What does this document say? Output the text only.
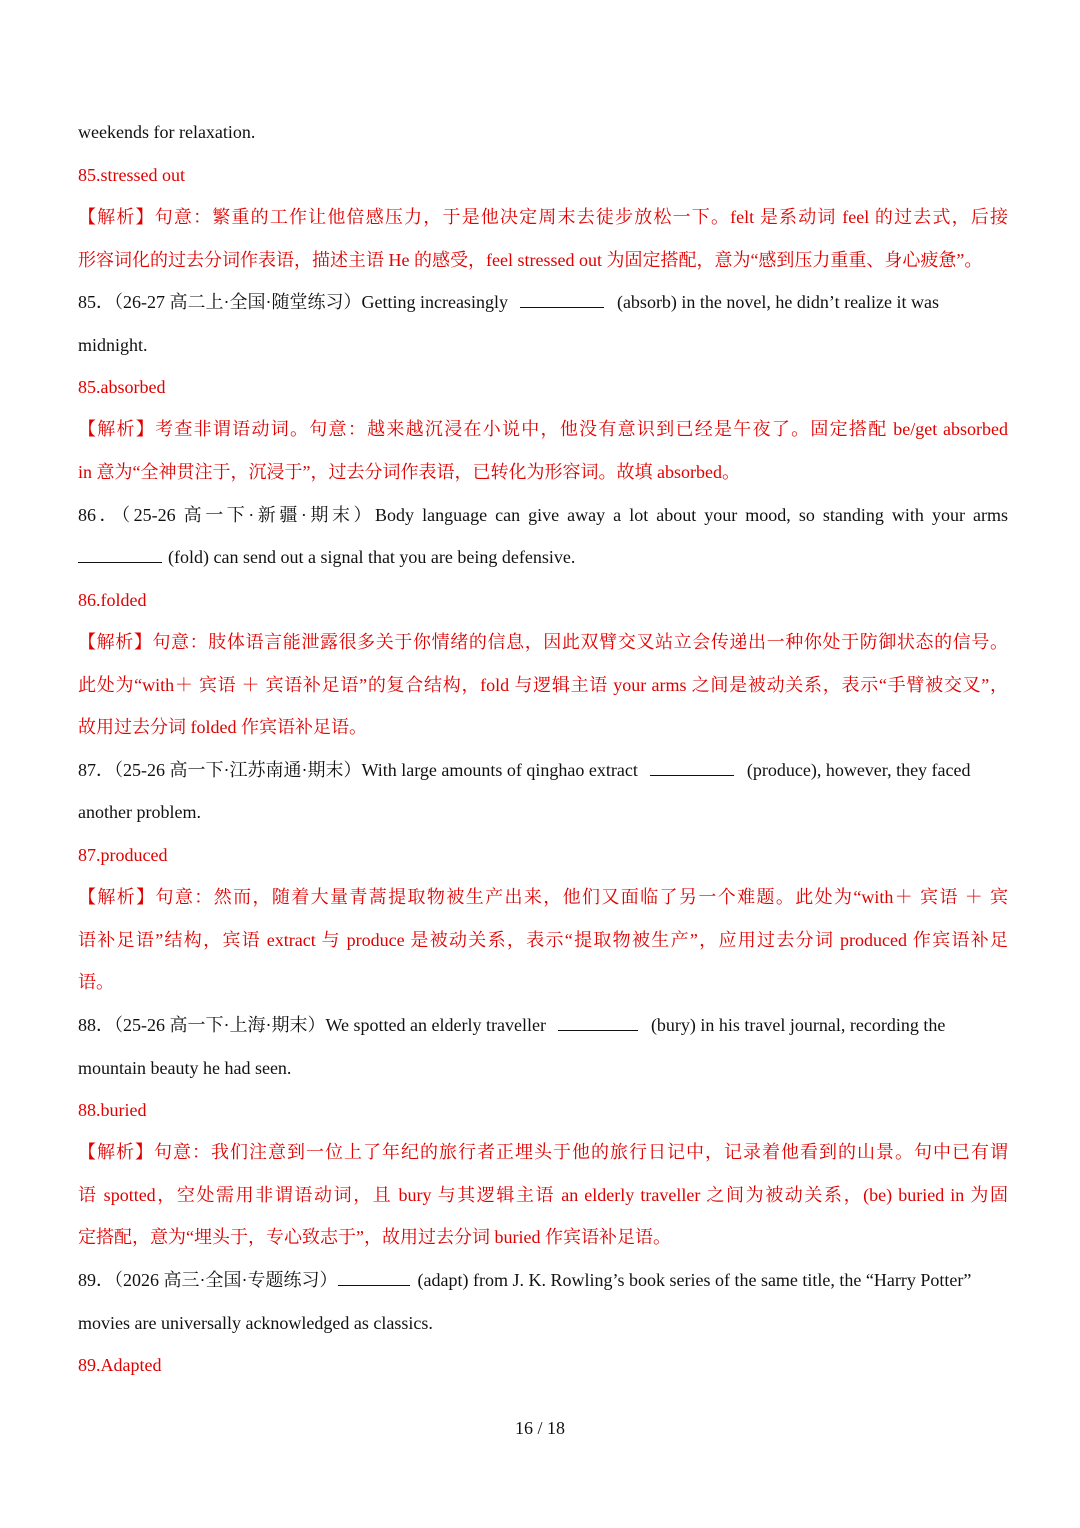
weekends for relaxation.
85.stressed out
【解析】句意：繁重的工作让他倍感压力，于是他决定周末去徒步放松一下。felt 是系动词 feel 的过去式，后接
形容词化的过去分词作表语，描述主语 He 的感受，feel stressed out 为固定搭配，意为“感到压力重重、身心疲惫”。
85．（26-27 高二上·全国·随堂练习）Getting increasingly	(absorb) in the novel, he didn’t realize it was
midnight.
85.absorbed
【解析】考查非谓语动词。句意：越来越沉浸在小说中，他没有意识到已经是午夜了。固定搭配 be/get absorbed
in 意为“全神贯注于，沉浸于”，过去分词作表语，已转化为形容词。故填 absorbed。
86．（25-26 高一下·新疆·期末）Body language can give away a lot about your mood, so standing with your arms
(fold) can send out a signal that you are being defensive.
86.folded
【解析】句意：肢体语言能泄露很多关于你情绪的信息，因此双臂交叉站立会传递出一种你处于防御状态的信号。
此处为“with＋ 宾语 ＋ 宾语补足语”的复合结构，fold 与逻辑主语 your arms 之间是被动关系，表示“手臂被交叉”，
故用过去分词 folded 作宾语补足语。
87．（25-26 高一下·江苏南通·期末）With large amounts of qinghao extract	(produce), however, they faced
another problem.
87.produced
【解析】句意：然而，随着大量青蒿提取物被生产出来，他们又面临了另一个难题。此处为“with＋ 宾语 ＋ 宾
语补足语”结构，宾语 extract 与 produce 是被动关系，表示“提取物被生产”，应用过去分词 produced 作宾语补足
语。
88．（25-26 高一下·上海·期末）We spotted an elderly traveller	(bury) in his travel journal, recording the
mountain beauty he had seen.
88.buried
【解析】句意：我们注意到一位上了年纪的旅行者正埋头于他的旅行日记中，记录着他看到的山景。句中已有谓
语 spotted，空处需用非谓语动词，且 bury 与其逻辑主语 an elderly traveller 之间为被动关系，(be) buried in 为固
定搭配，意为“埋头于，专心致志于”，故用过去分词 buried 作宾语补足语。
89．（2026 高三·全国·专题练习）	(adapt) from J. K. Rowling’s book series of the same title, the “Harry Potter”
movies are universally acknowledged as classics.
89.Adapted
16 / 18
